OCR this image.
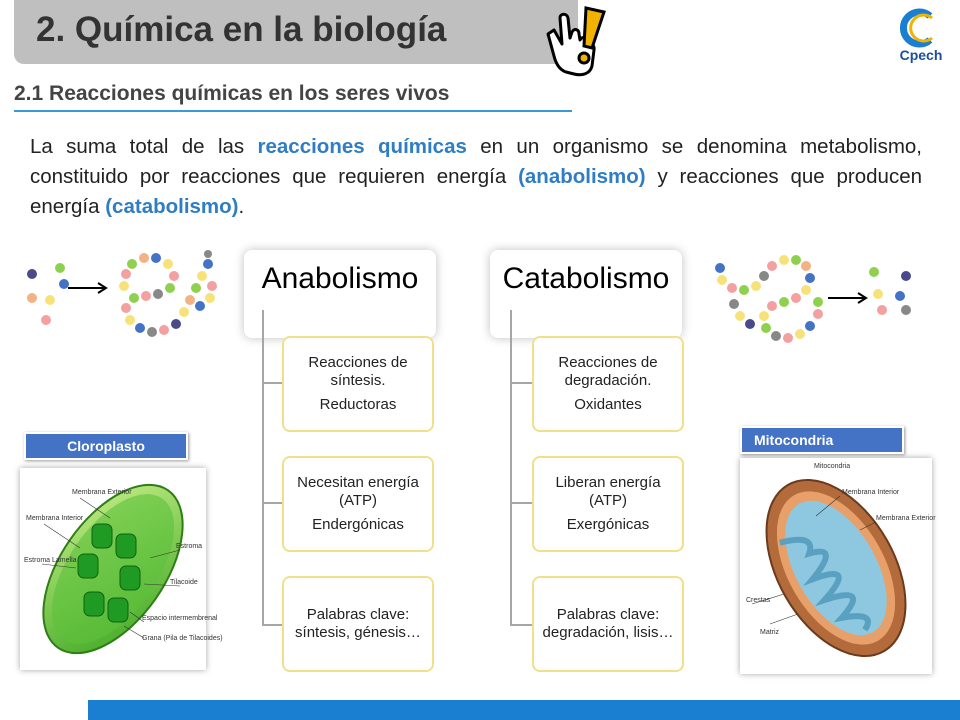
2. Química en la biología
Cpech
2.1 Reacciones químicas en los seres vivos
La suma total de las reacciones químicas en un organismo se denomina metabolismo, constituido por reacciones que requieren energía (anabolismo) y reacciones que producen energía (catabolismo).
Anabolismo
Reacciones de síntesis.
Reductoras
Necesitan energía (ATP)
Endergónicas
Palabras clave: síntesis, génesis…
Catabolismo
Reacciones de degradación.
Oxidantes
Liberan energía (ATP)
Exergónicas
Palabras clave: degradación, lisis…
Membrana Exterior
Membrana Interior
Estroma Lamella
Estroma
Tilacoide
Espacio intermembrenal
Grana (Pila de Tilacoides)
Cloroplasto
Mitocondria
Membrana Interior
Membrana Exterior
Crestas
Matriz
Mitocondria
